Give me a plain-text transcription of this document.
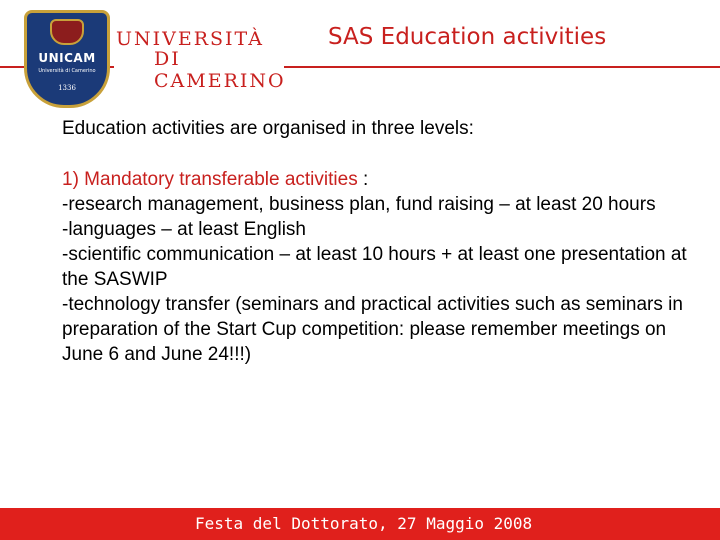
UNICAM
Università di Camerino
1336
UNIVERSITÀ
DI CAMERINO
SAS Education activities

Education activities are organised in three levels:

1) Mandatory transferable activities :

-research management, business plan, fund raising – at least 20 hours

-languages – at least English

-scientific communication – at least 10 hours + at least one presentation at the SASWIP

-technology transfer (seminars and practical activities such as seminars in preparation of the Start Cup competition: please remember meetings on June 6 and June 24!!!)

Festa del Dottorato, 27 Maggio 2008
